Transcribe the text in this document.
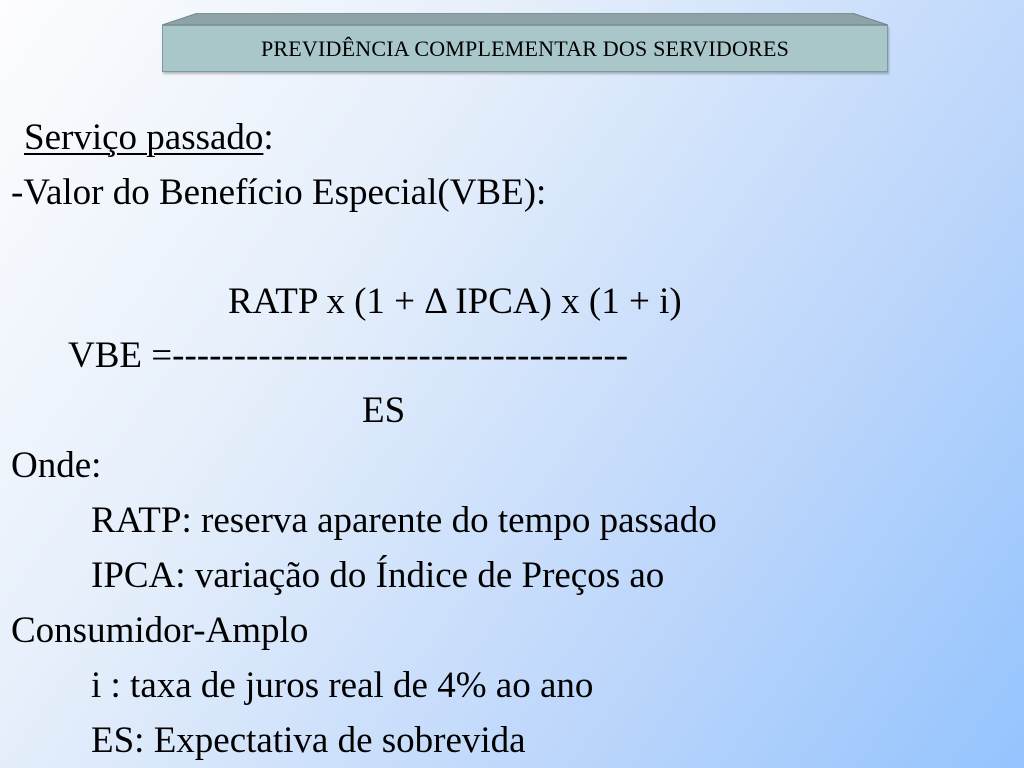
PREVIDÊNCIA COMPLEMENTAR DOS SERVIDORES
Serviço passado:
-Valor do Benefício Especial(VBE):
RATP x (1 + Δ IPCA) x (1 + i)
VBE =-------------------------------------
ES
Onde:
RATP: reserva aparente do tempo passado
IPCA: variação do Índice de Preços ao
Consumidor-Amplo
i : taxa de juros real de 4% ao ano
ES: Expectativa de sobrevida
